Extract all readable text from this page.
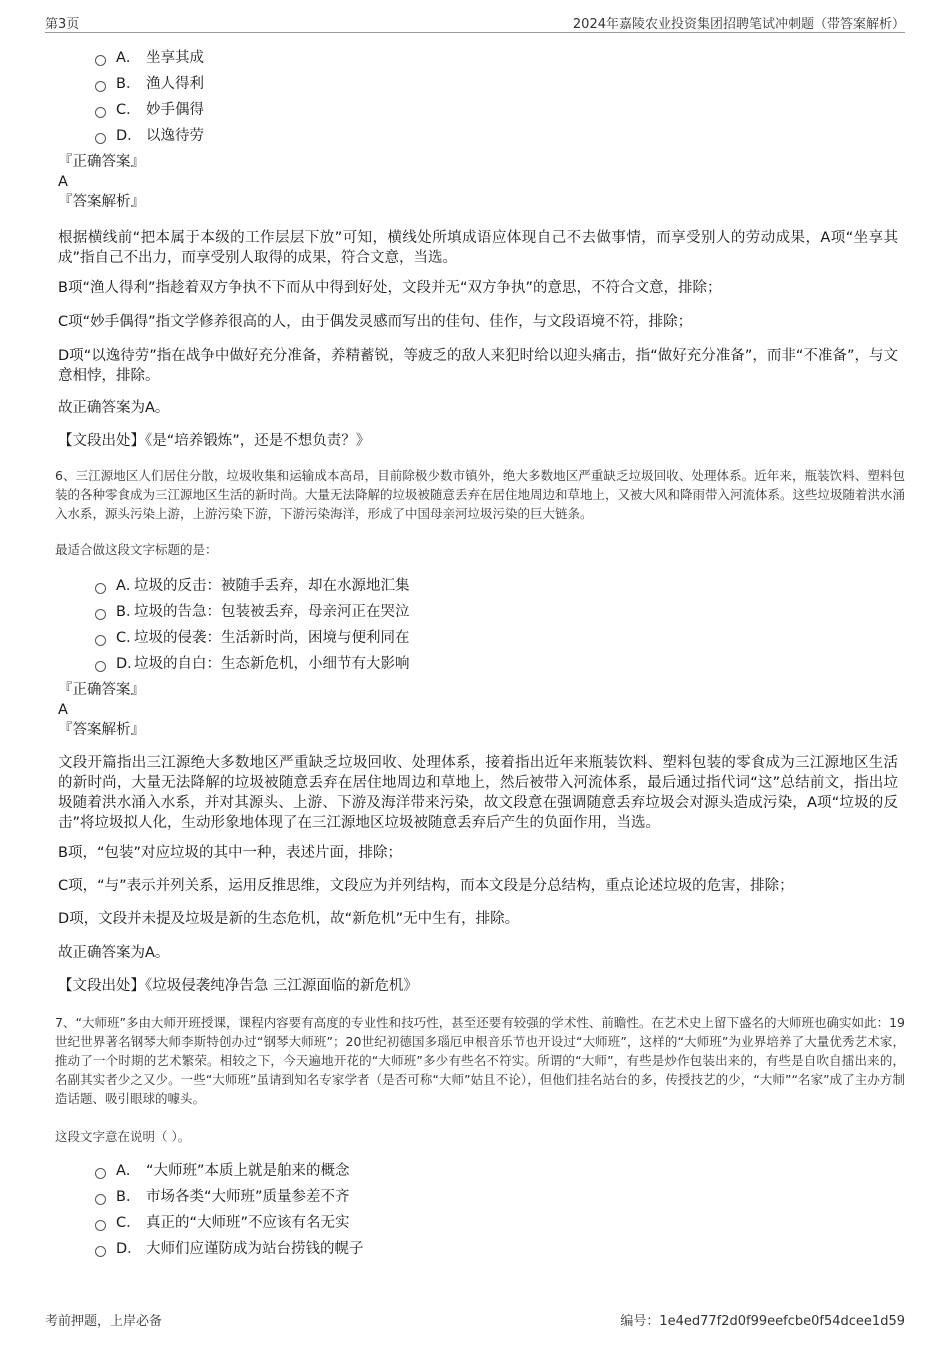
第3页	2024年嘉陵农业投资集团招聘笔试冲刺题（带答案解析）
A． 坐享其成
B． 渔人得利
C． 妙手偶得
D． 以逸待劳
『正确答案』
A
『答案解析』

根据横线前“把本属于本级的工作层层下放”可知，横线处所填成语应体现自己不去做事情，而享受别人的劳动成果，A项“坐享其成”指自己不出力，而享受别人取得的成果，符合文意，当选。

B项“渔人得利”指趁着双方争执不下而从中得到好处，文段并无“双方争执”的意思，不符合文意，排除；

C项“妙手偶得”指文学修养很高的人，由于偶发灵感而写出的佳句、佳作，与文段语境不符，排除；

D项“以逸待劳”指在战争中做好充分准备，养精蓄锐，等疲乏的敌人来犯时给以迎头痛击，指“做好充分准备”，而非“不准备”，与文意相悖，排除。

故正确答案为A。

【文段出处】《是“培养锻炼”，还是不想负责？》

6、三江源地区人们居住分散，垃圾收集和运输成本高昂，目前除极少数市镇外，绝大多数地区严重缺乏垃圾回收、处理体系。近年来，瓶装饮料、塑料包装的各种零食成为三江源地区生活的新时尚。大量无法降解的垃圾被随意丢弃在居住地周边和草地上，又被大风和降雨带入河流体系。这些垃圾随着洪水涌入水系，源头污染上游，上游污染下游，下游污染海洋，形成了中国母亲河垃圾污染的巨大链条。

最适合做这段文字标题的是：

A．
垃圾的反击：被随手丢弃，却在水源地汇集
B．
垃圾的告急：包装被丢弃，母亲河正在哭泣
C．
垃圾的侵袭：生活新时尚，困境与便利同在
D．
垃圾的自白：生态新危机，小细节有大影响
『正确答案』
A
『答案解析』

文段开篇指出三江源绝大多数地区严重缺乏垃圾回收、处理体系，接着指出近年来瓶装饮料、塑料包装的零食成为三江源地区生活的新时尚，大量无法降解的垃圾被随意丢弃在居住地周边和草地上，然后被带入河流体系，最后通过指代词“这”总结前文，指出垃圾随着洪水涌入水系，并对其源头、上游、下游及海洋带来污染，故文段意在强调随意丢弃垃圾会对源头造成污染，A项“垃圾的反击”将垃圾拟人化，生动形象地体现了在三江源地区垃圾被随意丢弃后产生的负面作用，当选。

B项，“包装”对应垃圾的其中一种，表述片面，排除；

C项，“与”表示并列关系，运用反推思维，文段应为并列结构，而本文段是分总结构，重点论述垃圾的危害，排除；

D项，文段并未提及垃圾是新的生态危机，故“新危机”无中生有，排除。

故正确答案为A。

【文段出处】《垃圾侵袭纯净告急 三江源面临的新危机》

7、“大师班”多由大师开班授课，课程内容要有高度的专业性和技巧性，甚至还要有较强的学术性、前瞻性。在艺术史上留下盛名的大师班也确实如此：19世纪世界著名钢琴大师李斯特创办过“钢琴大师班”；20世纪初德国多瑙厄申根音乐节也开设过“大师班”，这样的“大师班”为业界培养了大量优秀艺术家，推动了一个时期的艺术繁荣。相较之下，今天遍地开花的“大师班”多少有些名不符实。所谓的“大师”，有些是炒作包装出来的，有些是自吹自擂出来的，名副其实者少之又少。一些“大师班”虽请到知名专家学者（是否可称“大师”姑且不论），但他们挂名站台的多，传授技艺的少，“大师”“名家”成了主办方制造话题、吸引眼球的噱头。

这段文字意在说明（ ）。

A． “大师班”本质上就是舶来的概念
B． 市场各类“大师班”质量参差不齐
C． 真正的“大师班”不应该有名无实
D． 大师们应谨防成为站台捞钱的幌子
考前押题，上岸必备	编号：1e4ed77f2d0f99eefcbe0f54dcee1d59
